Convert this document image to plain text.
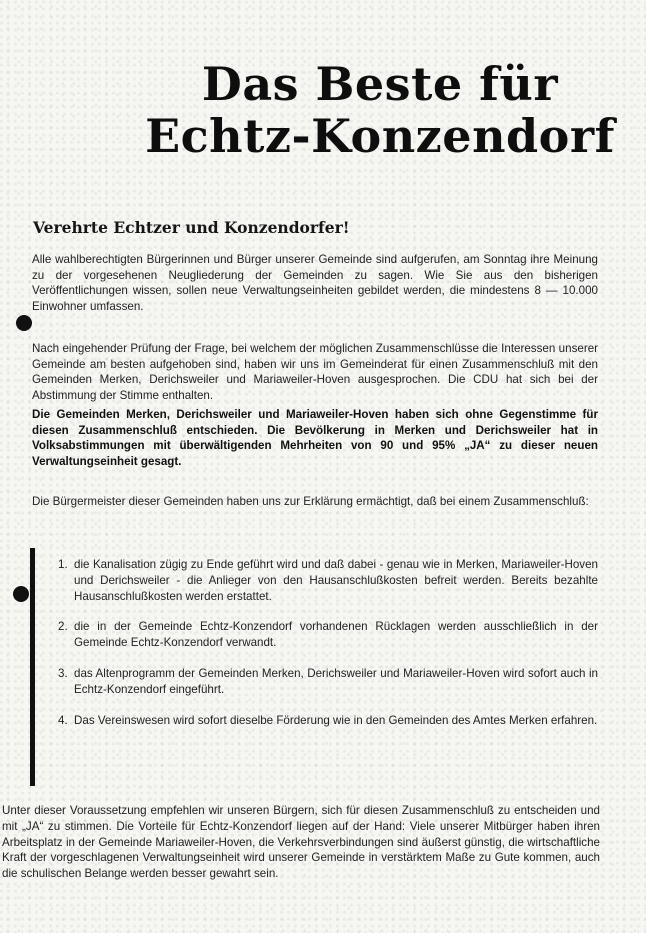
Das Beste für Echtz-Konzendorf
Verehrte Echtzer und Konzendorfer!
Alle wahlberechtigten Bürgerinnen und Bürger unserer Gemeinde sind aufgerufen, am Sonntag ihre Meinung zu der vorgesehenen Neugliederung der Gemeinden zu sagen. Wie Sie aus den bisherigen Veröffentlichungen wissen, sollen neue Verwaltungseinheiten gebildet werden, die mindestens 8 — 10.000 Einwohner umfassen.
Nach eingehender Prüfung der Frage, bei welchem der möglichen Zusammenschlüsse die Interessen unserer Gemeinde am besten aufgehoben sind, haben wir uns im Gemeinderat für einen Zusammenschluß mit den Gemeinden Merken, Derichsweiler und Mariaweiler-Hoven ausgesprochen. Die CDU hat sich bei der Abstimmung der Stimme enthalten.
Die Gemeinden Merken, Derichsweiler und Mariaweiler-Hoven haben sich ohne Gegenstimme für diesen Zusammenschluß entschieden. Die Bevölkerung in Merken und Derichsweiler hat in Volksabstimmungen mit überwältigenden Mehrheiten von 90 und 95% „JA“ zu dieser neuen Verwaltungseinheit gesagt.
Die Bürgermeister dieser Gemeinden haben uns zur Erklärung ermächtigt, daß bei einem Zusammenschluß:
1. die Kanalisation zügig zu Ende geführt wird und daß dabei - genau wie in Merken, Mariaweiler-Hoven und Derichsweiler - die Anlieger von den Hausanschlußkosten befreit werden. Bereits bezahlte Hausanschlußkosten werden erstattet.
2. die in der Gemeinde Echtz-Konzendorf vorhandenen Rücklagen werden ausschließlich in der Gemeinde Echtz-Konzendorf verwandt.
3. das Altenprogramm der Gemeinden Merken, Derichsweiler und Mariaweiler-Hoven wird sofort auch in Echtz-Konzendorf eingeführt.
4. Das Vereinswesen wird sofort dieselbe Förderung wie in den Gemeinden des Amtes Merken erfahren.
Unter dieser Voraussetzung empfehlen wir unseren Bürgern, sich für diesen Zusammenschluß zu entscheiden und mit „JA“ zu stimmen. Die Vorteile für Echtz-Konzendorf liegen auf der Hand: Viele unserer Mitbürger haben ihren Arbeitsplatz in der Gemeinde Mariaweiler-Hoven, die Verkehrsverbindungen sind äußerst günstig, die wirtschaftliche Kraft der vorgeschlagenen Verwaltungseinheit wird unserer Gemeinde in verstärktem Maße zu Gute kommen, auch die schulischen Belange werden besser gewahrt sein.
